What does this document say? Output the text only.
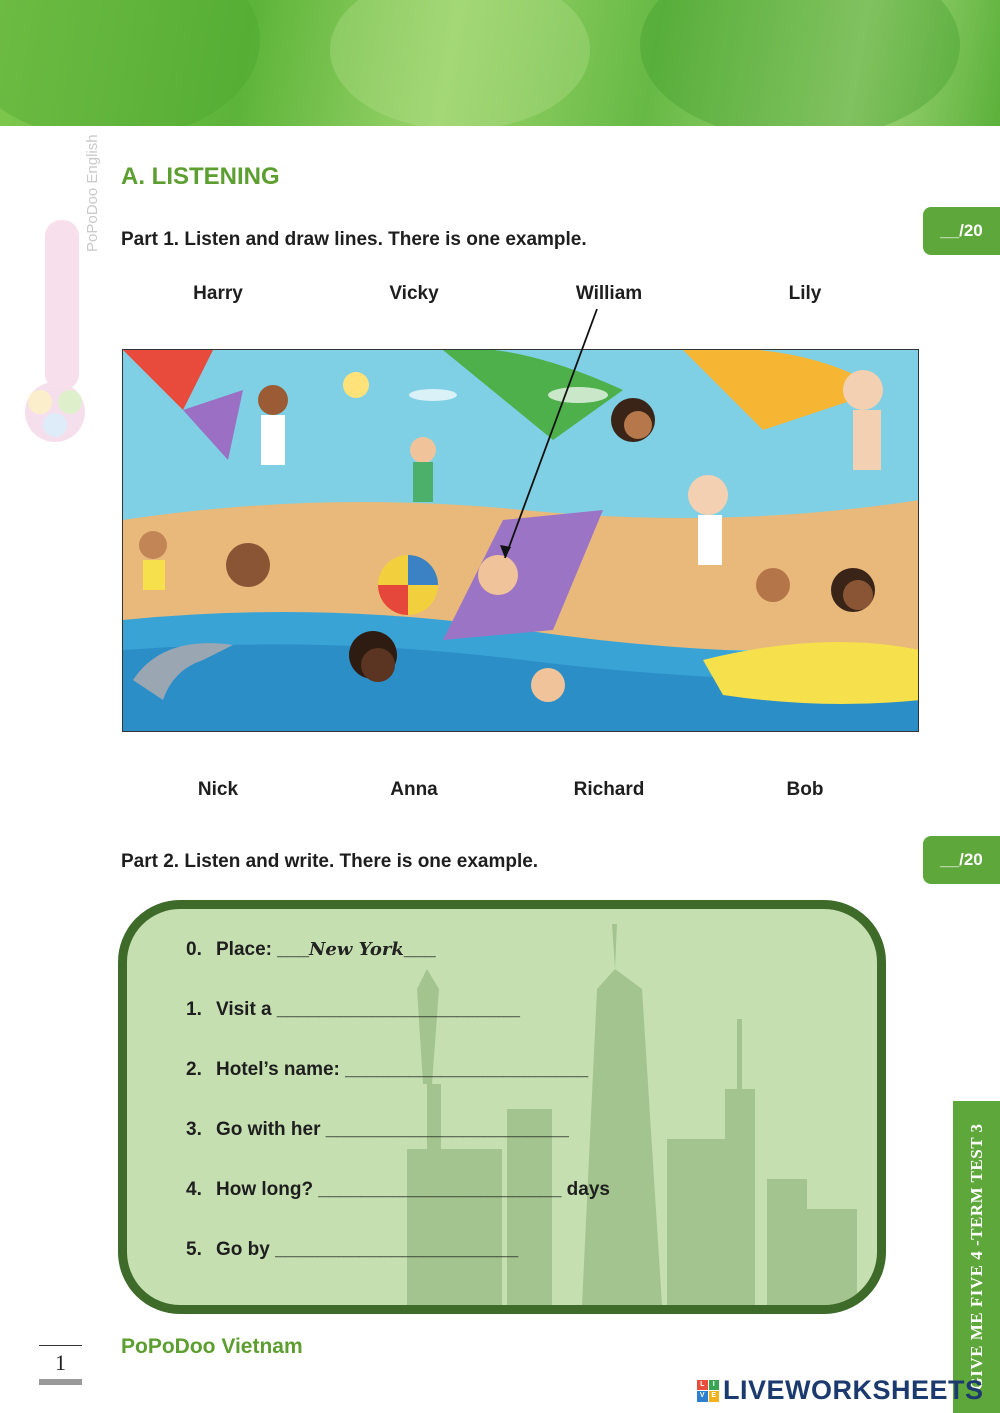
PoPoDoo English A. LISTENING
Part 1. Listen and draw lines. There is one example.	__/20
Harry	Vicky	William	Lily
Nick	Anna	Richard	Bob
Part 2. Listen and write. There is one example.	__/20
0. Place: ___New York___
1. Visit a _______________________
2. Hotel’s name: _______________________
3. Go with her _______________________
4. How long? _______________________ days
5. Go by _______________________
1
PoPoDoo Vietnam	GIVE ME FIVE 4 -TERM TEST 3
L	I
V E LIVEWORKSHEETS
